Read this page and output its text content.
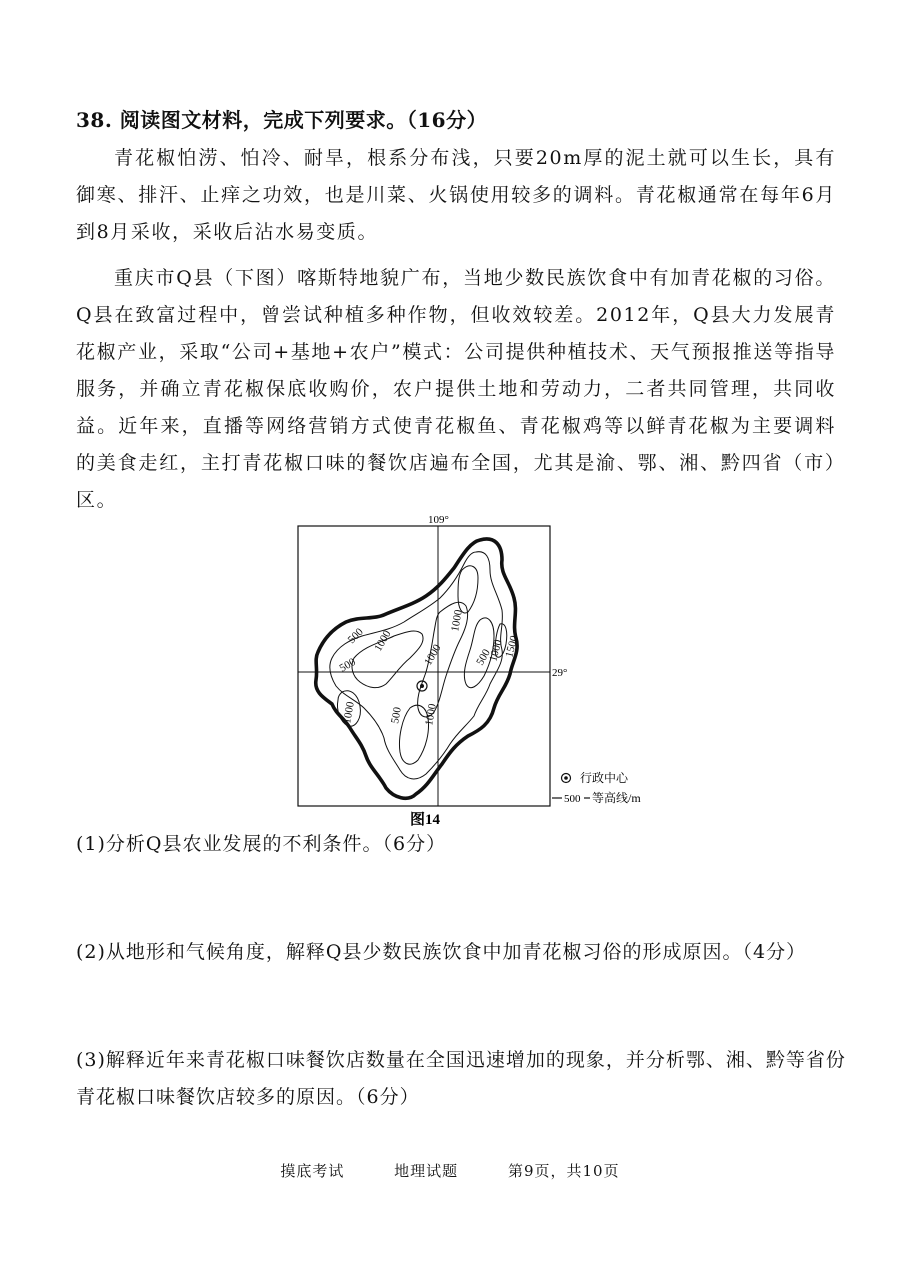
38. 阅读图文材料，完成下列要求。（16分）

青花椒怕涝、怕冷、耐旱，根系分布浅，只要20m厚的泥土就可以生长，具有御寒、排汗、止痒之功效，也是川菜、火锅使用较多的调料。青花椒通常在每年6月到8月采收，采收后沾水易变质。

重庆市Q县（下图）喀斯特地貌广布，当地少数民族饮食中有加青花椒的习俗。Q县在致富过程中，曾尝试种植多种作物，但收效较差。2012年，Q县大力发展青花椒产业，采取“公司+基地+农户”模式：公司提供种植技术、天气预报推送等指导服务，并确立青花椒保底收购价，农户提供土地和劳动力，二者共同管理，共同收益。近年来，直播等网络营销方式使青花椒鱼、青花椒鸡等以鲜青花椒为主要调料的美食走红，主打青花椒口味的餐饮店遍布全国，尤其是渝、鄂、湘、黔四省（市）区。

109°
29°
500
500
1000
1000
1000
500
1000
1500
1000	500 1000
行政中心
500 等高线/m
图14

(1)分析Q县农业发展的不利条件。（6分）

(2)从地形和气候角度，解释Q县少数民族饮食中加青花椒习俗的形成原因。（4分）

(3)解释近年来青花椒口味餐饮店数量在全国迅速增加的现象，并分析鄂、湘、黔等省份青花椒口味餐饮店较多的原因。（6分）

摸底考试	地理试题	第9页，共10页
